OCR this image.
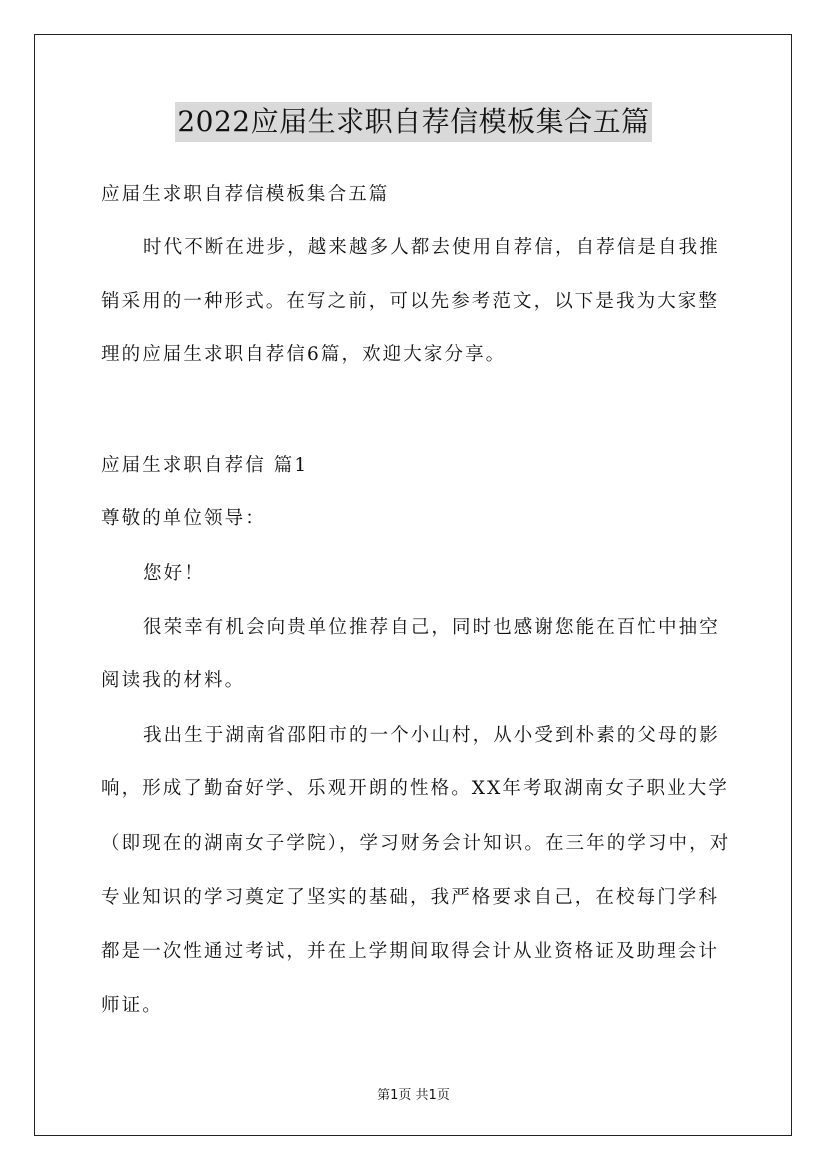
2022应届生求职自荐信模板集合五篇
应届生求职自荐信模板集合五篇
时代不断在进步，越来越多人都去使用自荐信，自荐信是自我推
销采用的一种形式。在写之前，可以先参考范文，以下是我为大家整
理的应届生求职自荐信6篇，欢迎大家分享。
应届生求职自荐信 篇1
尊敬的单位领导：
您好！
很荣幸有机会向贵单位推荐自己，同时也感谢您能在百忙中抽空
阅读我的材料。
我出生于湖南省邵阳市的一个小山村，从小受到朴素的父母的影
响，形成了勤奋好学、乐观开朗的性格。XX年考取湖南女子职业大学
（即现在的湖南女子学院），学习财务会计知识。在三年的学习中，对
专业知识的学习奠定了坚实的基础，我严格要求自己，在校每门学科
都是一次性通过考试，并在上学期间取得会计从业资格证及助理会计
师证。
第1页 共1页
